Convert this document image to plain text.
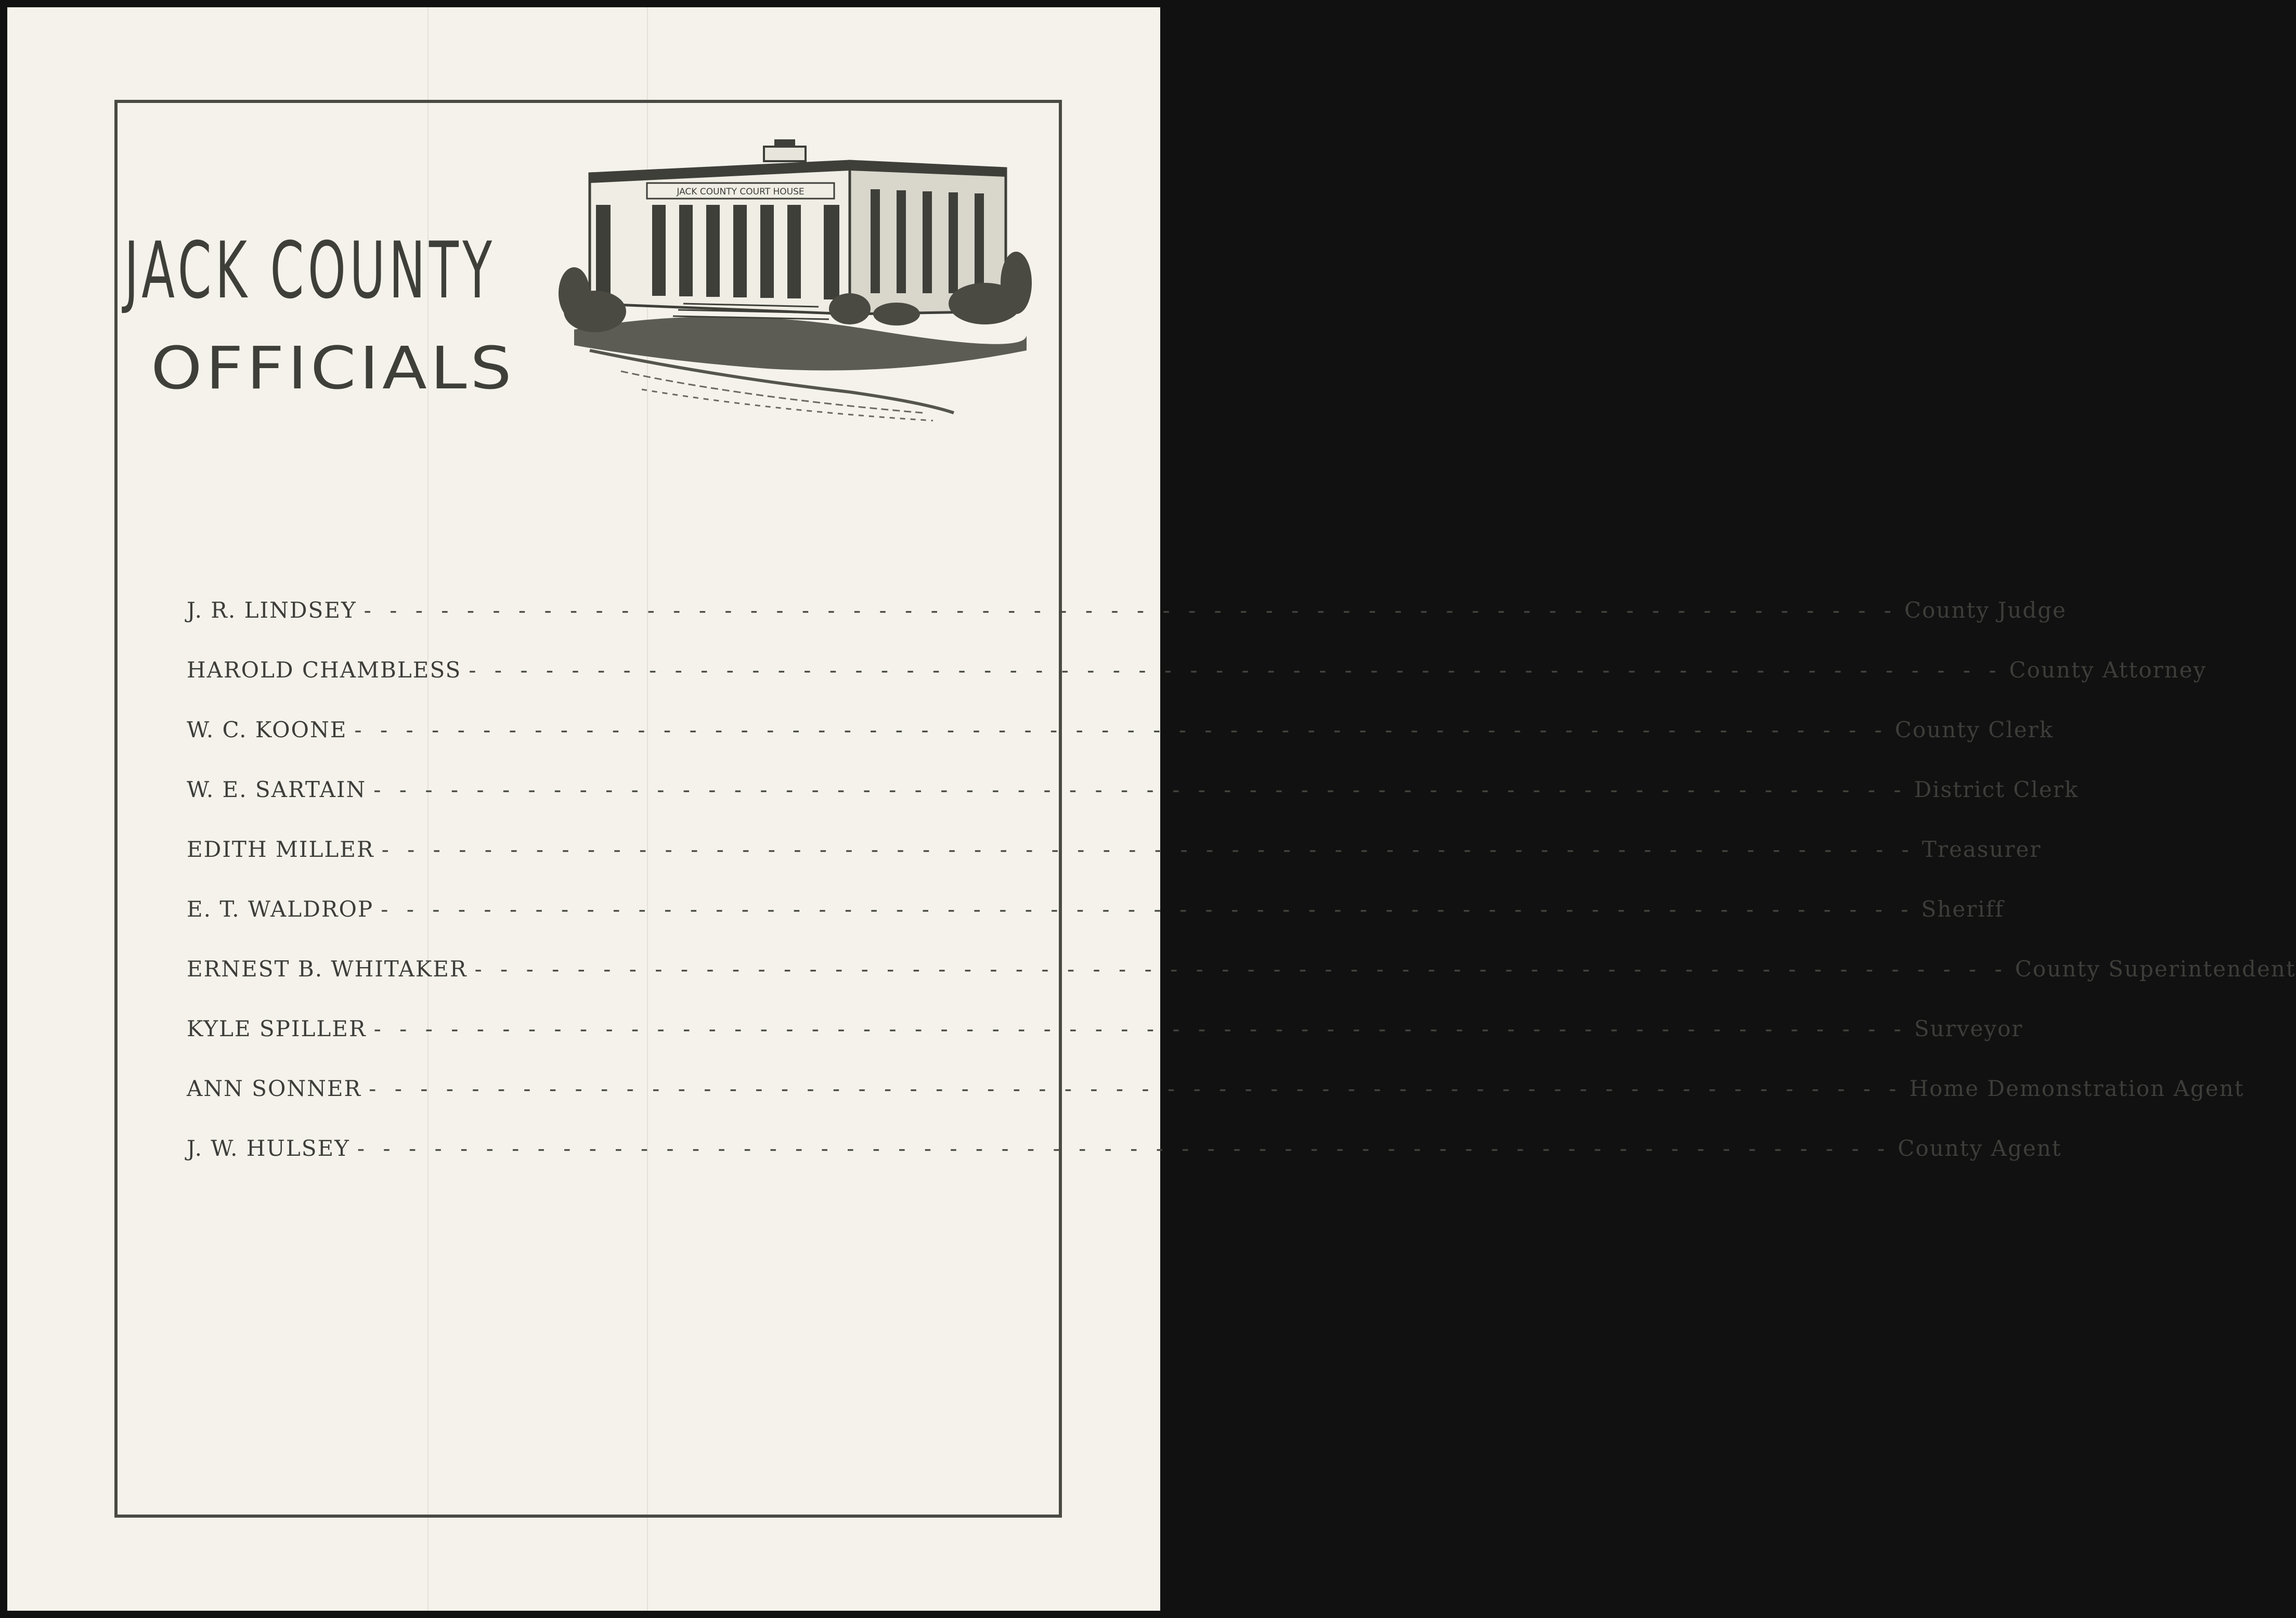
JACK COUNTY
OFFICIALS
JACK COUNTY COURT HOUSE
J. R. LINDSEY - - - - - - - - - - - - - - - - - - - - - - - - - - - - - - - - - - - - - - - - - - - - - - - - - - - - - - - - - - - - County Judge
HAROLD CHAMBLESS - - - - - - - - - - - - - - - - - - - - - - - - - - - - - - - - - - - - - - - - - - - - - - - - - - - - - - - - - - - - County Attorney
W. C. KOONE - - - - - - - - - - - - - - - - - - - - - - - - - - - - - - - - - - - - - - - - - - - - - - - - - - - - - - - - - - - - County Clerk
W. E. SARTAIN - - - - - - - - - - - - - - - - - - - - - - - - - - - - - - - - - - - - - - - - - - - - - - - - - - - - - - - - - - - - District Clerk
EDITH MILLER - - - - - - - - - - - - - - - - - - - - - - - - - - - - - - - - - - - - - - - - - - - - - - - - - - - - - - - - - - - - Treasurer
E. T. WALDROP - - - - - - - - - - - - - - - - - - - - - - - - - - - - - - - - - - - - - - - - - - - - - - - - - - - - - - - - - - - - Sheriff
ERNEST B. WHITAKER - - - - - - - - - - - - - - - - - - - - - - - - - - - - - - - - - - - - - - - - - - - - - - - - - - - - - - - - - - - - County Superintendent
KYLE SPILLER - - - - - - - - - - - - - - - - - - - - - - - - - - - - - - - - - - - - - - - - - - - - - - - - - - - - - - - - - - - - Surveyor
ANN SONNER - - - - - - - - - - - - - - - - - - - - - - - - - - - - - - - - - - - - - - - - - - - - - - - - - - - - - - - - - - - - Home Demonstration Agent
J. W. HULSEY - - - - - - - - - - - - - - - - - - - - - - - - - - - - - - - - - - - - - - - - - - - - - - - - - - - - - - - - - - - - County Agent
